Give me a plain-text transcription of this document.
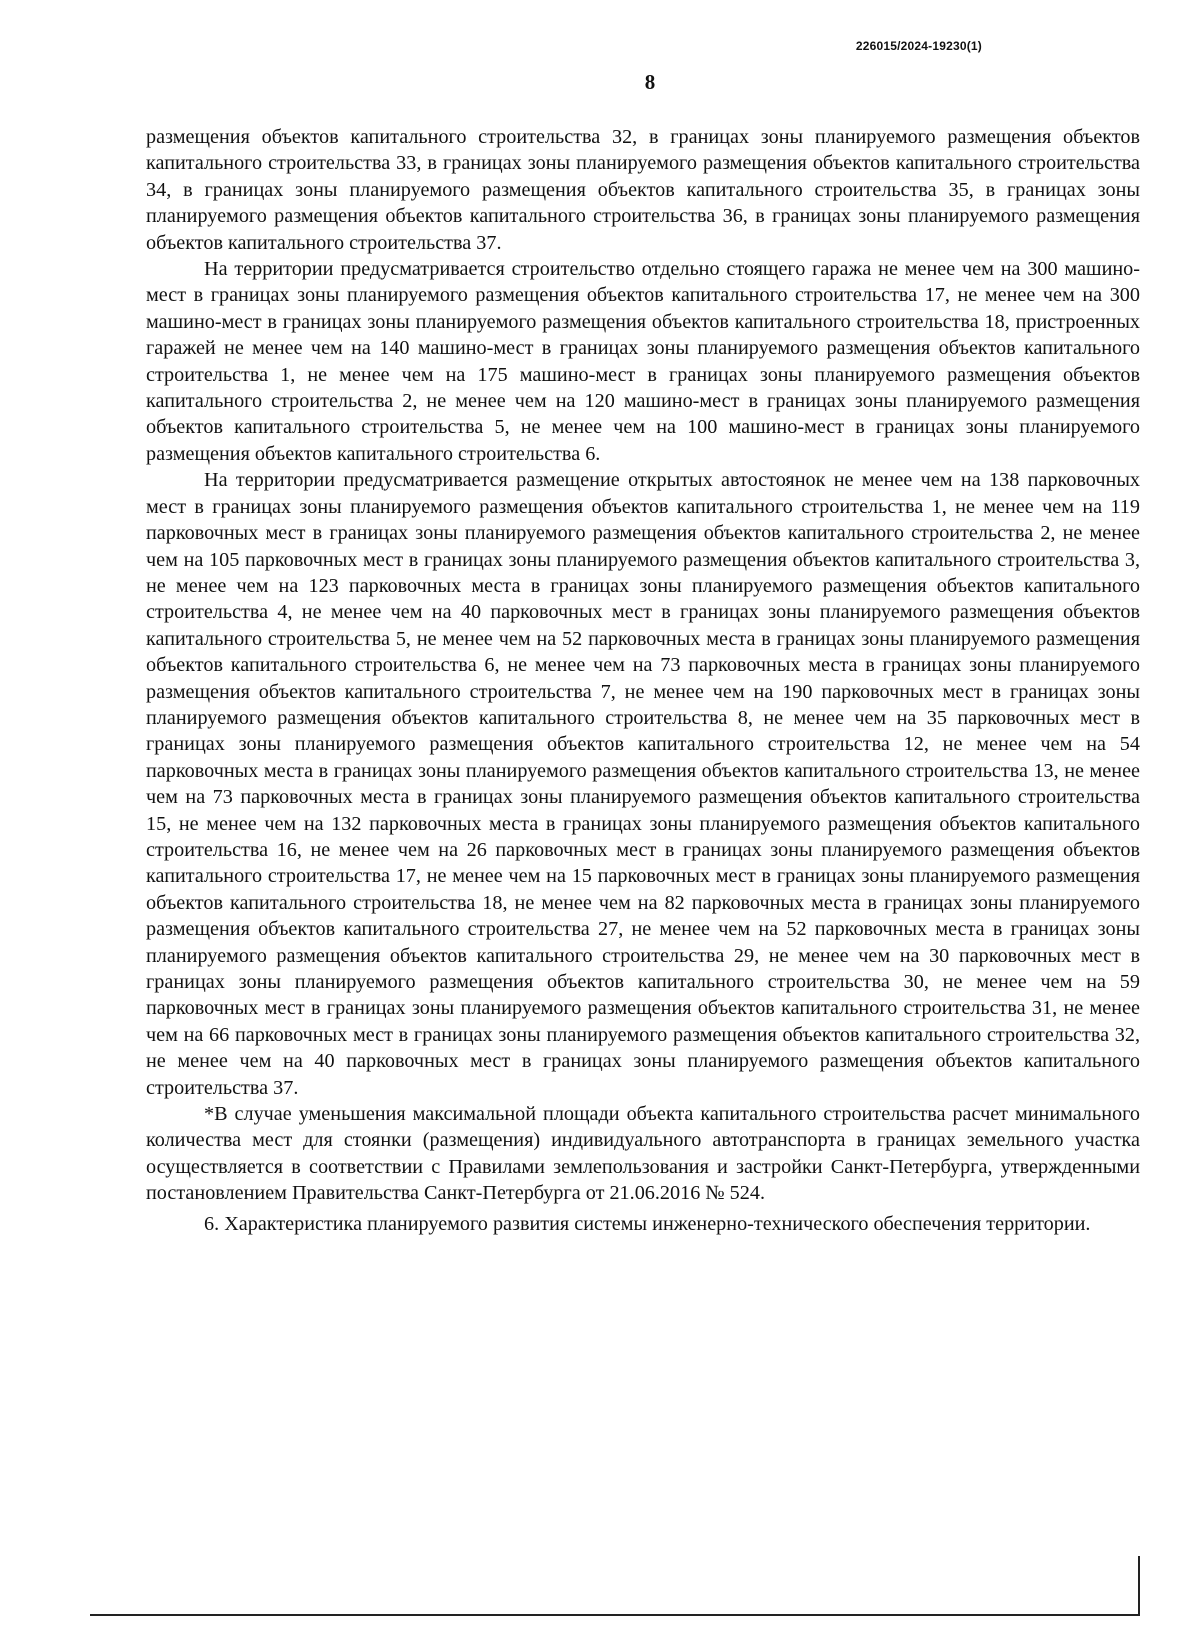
226015/2024-19230(1)
8

размещения объектов капитального строительства 32, в границах зоны планируемого размещения объектов капитального строительства 33, в границах зоны планируемого размещения объектов капитального строительства 34, в границах зоны планируемого размещения объектов капитального строительства 35, в границах зоны планируемого размещения объектов капитального строительства 36, в границах зоны планируемого размещения объектов капитального строительства 37.

На территории предусматривается строительство отдельно стоящего гаража не менее чем на 300 машино-мест в границах зоны планируемого размещения объектов капитального строительства 17, не менее чем на 300 машино-мест в границах зоны планируемого размещения объектов капитального строительства 18, пристроенных гаражей не менее чем на 140 машино-мест в границах зоны планируемого размещения объектов капитального строительства 1, не менее чем на 175 машино-мест в границах зоны планируемого размещения объектов капитального строительства 2, не менее чем на 120 машино-мест в границах зоны планируемого размещения объектов капитального строительства 5, не менее чем на 100 машино-мест в границах зоны планируемого размещения объектов капитального строительства 6.

На территории предусматривается размещение открытых автостоянок не менее чем на 138 парковочных мест в границах зоны планируемого размещения объектов капитального строительства 1, не менее чем на 119 парковочных мест в границах зоны планируемого размещения объектов капитального строительства 2, не менее чем на 105 парковочных мест в границах зоны планируемого размещения объектов капитального строительства 3, не менее чем на 123 парковочных места в границах зоны планируемого размещения объектов капитального строительства 4, не менее чем на 40 парковочных мест в границах зоны планируемого размещения объектов капитального строительства 5, не менее чем на 52 парковочных места в границах зоны планируемого размещения объектов капитального строительства 6, не менее чем на 73 парковочных места в границах зоны планируемого размещения объектов капитального строительства 7, не менее чем на 190 парковочных мест в границах зоны планируемого размещения объектов капитального строительства 8, не менее чем на 35 парковочных мест в границах зоны планируемого размещения объектов капитального строительства 12, не менее чем на 54 парковочных места в границах зоны планируемого размещения объектов капитального строительства 13, не менее чем на 73 парковочных места в границах зоны планируемого размещения объектов капитального строительства 15, не менее чем на 132 парковочных места в границах зоны планируемого размещения объектов капитального строительства 16, не менее чем на 26 парковочных мест в границах зоны планируемого размещения объектов капитального строительства 17, не менее чем на 15 парковочных мест в границах зоны планируемого размещения объектов капитального строительства 18, не менее чем на 82 парковочных места в границах зоны планируемого размещения объектов капитального строительства 27, не менее чем на 52 парковочных места в границах зоны планируемого размещения объектов капитального строительства 29, не менее чем на 30 парковочных мест в границах зоны планируемого размещения объектов капитального строительства 30, не менее чем на 59 парковочных мест в границах зоны планируемого размещения объектов капитального строительства 31, не менее чем на 66 парковочных мест в границах зоны планируемого размещения объектов капитального строительства 32, не менее чем на 40 парковочных мест в границах зоны планируемого размещения объектов капитального строительства 37.

*В случае уменьшения максимальной площади объекта капитального строительства расчет минимального количества мест для стоянки (размещения) индивидуального автотранспорта в границах земельного участка осуществляется в соответствии с Правилами землепользования и застройки Санкт-Петербурга, утвержденными постановлением Правительства Санкт-Петербурга от 21.06.2016 № 524.

6. Характеристика планируемого развития системы инженерно-технического обеспечения территории.
